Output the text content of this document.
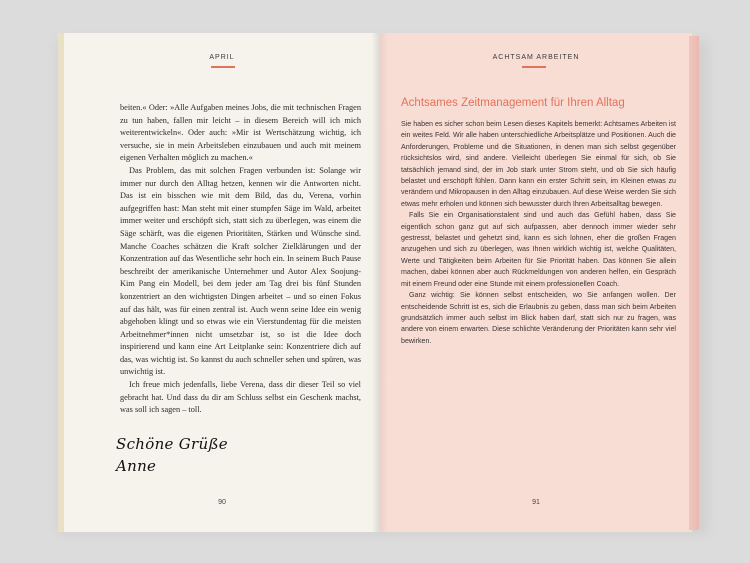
APRIL

beiten.« Oder: »Alle Aufgaben meines Jobs, die mit technischen Fragen zu tun haben, fallen mir leicht – in diesem Bereich will ich mich weiterentwickeln«. Oder auch: »Mir ist Wertschätzung wichtig, ich versuche, sie in mein Arbeitsleben einzubauen und auch mit meinem eigenen Verhalten möglich zu machen.«

Das Problem, das mit solchen Fragen verbunden ist: Solange wir immer nur durch den Alltag hetzen, kennen wir die Antworten nicht. Das ist ein bisschen wie mit dem Bild, das du, Verena, vorhin aufgegriffen hast: Man steht mit einer stumpfen Säge im Wald, arbeitet immer weiter und erschöpft sich, statt sich zu überlegen, was einem die Säge schärft, was die eigenen Prioritäten, Stärken und Wünsche sind. Manche Coaches schätzen die Kraft solcher Zielklärungen und der Konzentration auf das Wesentliche sehr hoch ein. In seinem Buch Pause beschreibt der amerikanische Unternehmer und Autor Alex Soojung-Kim Pang ein Modell, bei dem jeder am Tag drei bis fünf Stunden konzentriert an den wichtigsten Dingen arbeitet – und so einen Fokus auf das hält, was für einen zentral ist. Auch wenn seine Idee ein wenig abgehoben klingt und so etwas wie ein Vierstundentag für die meisten Arbeitnehmer*innen nicht umsetzbar ist, so ist die Idee doch inspirierend und kann eine Art Leitplanke sein: Konzentriere dich auf das, was wichtig ist. So kannst du auch schneller sehen und spüren, was unwichtig ist.

Ich freue mich jedenfalls, liebe Verena, dass dir dieser Teil so viel gebracht hat. Und dass du dir am Schluss selbst ein Geschenk machst, was soll ich sagen – toll.

Schöne Grüße
Anne
90
ACHTSAM ARBEITEN
Achtsames Zeitmanagement für Ihren Alltag

Sie haben es sicher schon beim Lesen dieses Kapitels bemerkt: Achtsames Arbeiten ist ein weites Feld. Wir alle haben unterschiedliche Arbeitsplätze und Positionen. Auch die Anforderungen, Probleme und die Situationen, in denen man sich selbst gegenüber rücksichtslos wird, sind andere. Vielleicht überlegen Sie einmal für sich, ob Sie tatsächlich jemand sind, der im Job stark unter Strom steht, und ob Sie sich häufig belastet und erschöpft fühlen. Dann kann ein erster Schritt sein, im Kleinen etwas zu verändern und Mikropausen in den Alltag einzubauen. Auf diese Weise werden Sie sich etwas mehr erholen und können sich bewusster durch Ihren Arbeitsalltag bewegen.

Falls Sie ein Organisationstalent sind und auch das Gefühl haben, dass Sie eigentlich schon ganz gut auf sich aufpassen, aber dennoch immer wieder sehr gestresst, belastet und gehetzt sind, kann es sich lohnen, eher die großen Fragen anzugehen und sich zu überlegen, was Ihnen wirklich wichtig ist, welche Qualitäten, Werte und Tätigkeiten beim Arbeiten für Sie Priorität haben. Das können Sie allein machen, dabei können aber auch Rückmeldungen von anderen helfen, ein Gespräch mit einem Freund oder eine Stunde mit einem professionellen Coach.

Ganz wichtig: Sie können selbst entscheiden, wo Sie anfangen wollen. Der entscheidende Schritt ist es, sich die Erlaubnis zu geben, dass man sich beim Arbeiten grundsätzlich immer auch selbst im Blick haben darf, statt sich nur zu fragen, was andere von einem erwarten. Diese schlichte Veränderung der Prioritäten kann sehr viel bewirken.

91
